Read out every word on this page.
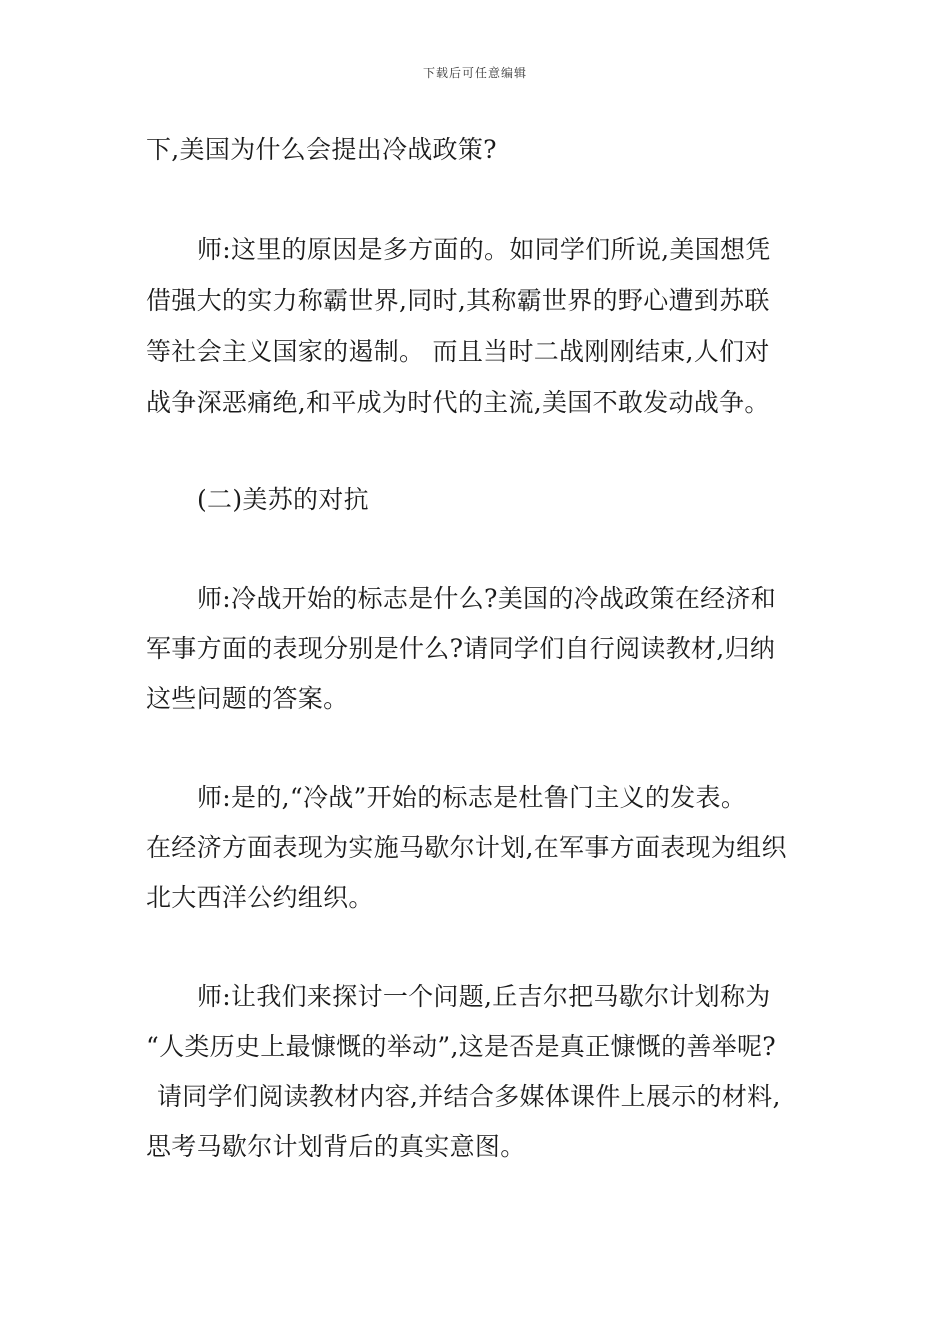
下载后可任意编辑
下,美国为什么会提出冷战政策?
师:这里的原因是多方面的。如同学们所说,美国想凭
借强大的实力称霸世界,同时,其称霸世界的野心遭到苏联
等社会主义国家的遏制。 而且当时二战刚刚结束,人们对
战争深恶痛绝,和平成为时代的主流,美国不敢发动战争。
(二)美苏的对抗
师:冷战开始的标志是什么?美国的冷战政策在经济和
军事方面的表现分别是什么?请同学们自行阅读教材,归纳
这些问题的答案。
师:是的,“冷战”开始的标志是杜鲁门主义的发表。
在经济方面表现为实施马歇尔计划,在军事方面表现为组织
北大西洋公约组织。
师:让我们来探讨一个问题,丘吉尔把马歇尔计划称为
“人类历史上最慷慨的举动”,这是否是真正慷慨的善举呢?
请同学们阅读教材内容,并结合多媒体课件上展示的材料,
思考马歇尔计划背后的真实意图。
